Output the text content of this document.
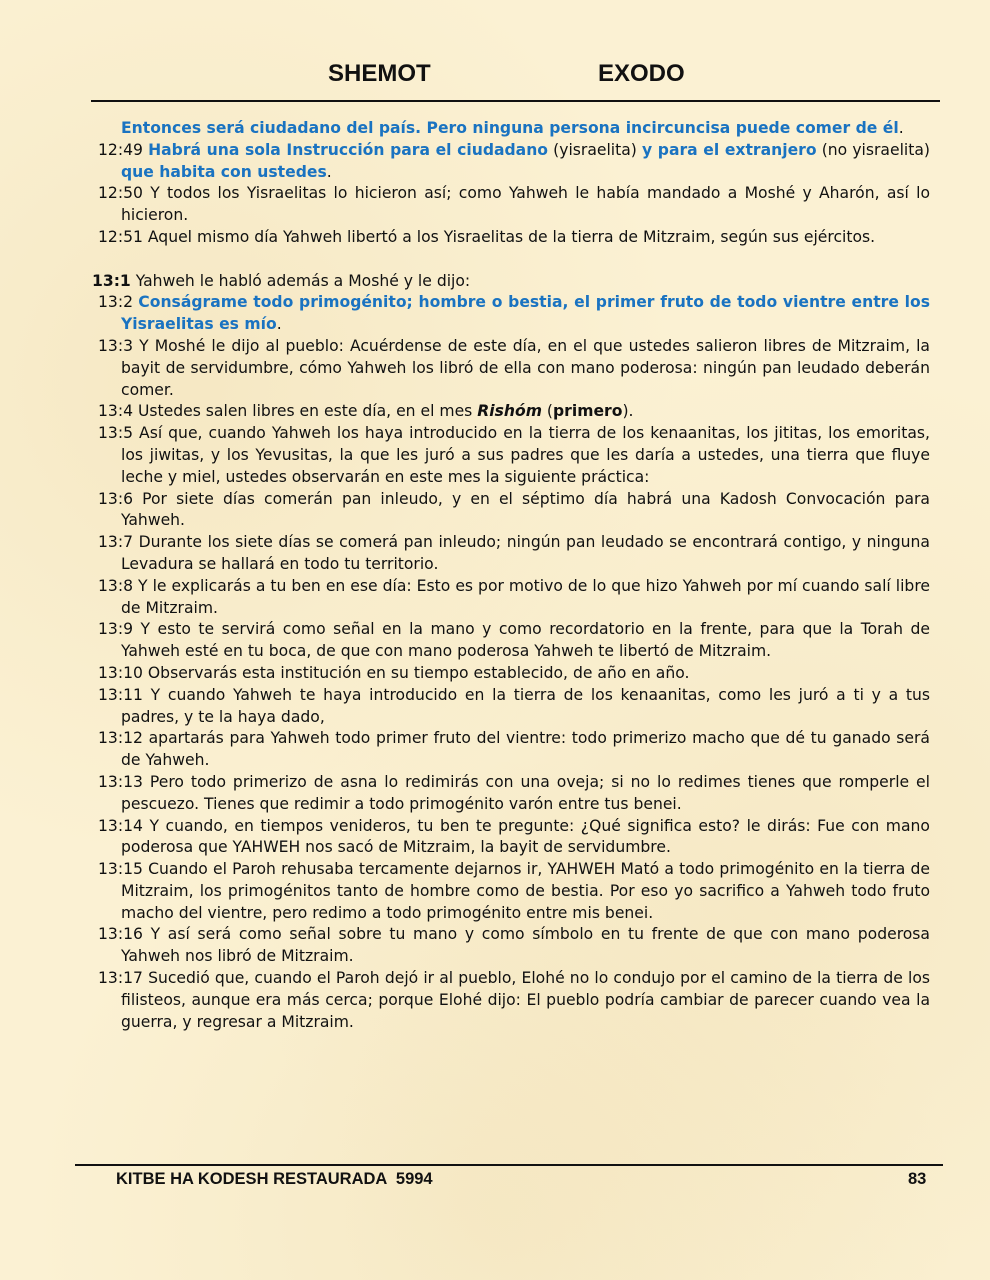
SHEMOT	EXODO

Entonces será ciudadano del país. Pero ninguna persona incircuncisa puede comer de él.

12:49 Habrá una sola Instrucción para el ciudadano (yisraelita) y para el extranjero (no yisraelita) que habita con ustedes.

12:50 Y todos los Yisraelitas lo hicieron así; como Yahweh le había mandado a Moshé y Aharón, así lo hicieron.

12:51 Aquel mismo día Yahweh libertó a los Yisraelitas de la tierra de Mitzraim, según sus ejércitos.

13:1 Yahweh le habló además a Moshé y le dijo:

13:2 Conságrame todo primogénito; hombre o bestia, el primer fruto de todo vientre entre los Yisraelitas es mío.

13:3 Y Moshé le dijo al pueblo: Acuérdense de este día, en el que ustedes salieron libres de Mitzraim, la bayit de servidumbre, cómo Yahweh los libró de ella con mano poderosa: ningún pan leudado deberán comer.

13:4 Ustedes salen libres en este día, en el mes Rishóm (primero).

13:5 Así que, cuando Yahweh los haya introducido en la tierra de los kenaanitas, los jititas, los emoritas, los jiwitas, y los Yevusitas, la que les juró a sus padres que les daría a ustedes, una tierra que fluye leche y miel, ustedes observarán en este mes la siguiente práctica:

13:6 Por siete días comerán pan inleudo, y en el séptimo día habrá una Kadosh Convocación para Yahweh.

13:7 Durante los siete días se comerá pan inleudo; ningún pan leudado se encontrará contigo, y ninguna Levadura se hallará en todo tu territorio.

13:8 Y le explicarás a tu ben en ese día: Esto es por motivo de lo que hizo Yahweh por mí cuando salí libre de Mitzraim.

13:9 Y esto te servirá como señal en la mano y como recordatorio en la frente, para que la Torah de Yahweh esté en tu boca, de que con mano poderosa Yahweh te libertó de Mitzraim.

13:10 Observarás esta institución en su tiempo establecido, de año en año.

13:11 Y cuando Yahweh te haya introducido en la tierra de los kenaanitas, como les juró a ti y a tus padres, y te la haya dado,

13:12 apartarás para Yahweh todo primer fruto del vientre: todo primerizo macho que dé tu ganado será de Yahweh.

13:13 Pero todo primerizo de asna lo redimirás con una oveja; si no lo redimes tienes que romperle el pescuezo. Tienes que redimir a todo primogénito varón entre tus benei.

13:14 Y cuando, en tiempos venideros, tu ben te pregunte: ¿Qué significa esto? le dirás: Fue con mano poderosa que YAHWEH nos sacó de Mitzraim, la bayit de servidumbre.

13:15 Cuando el Paroh rehusaba tercamente dejarnos ir, YAHWEH Mató a todo primogénito en la tierra de Mitzraim, los primogénitos tanto de hombre como de bestia. Por eso yo sacrifico a Yahweh todo fruto macho del vientre, pero redimo a todo primogénito entre mis benei.

13:16 Y así será como señal sobre tu mano y como símbolo en tu frente de que con mano poderosa Yahweh nos libró de Mitzraim.

13:17 Sucedió que, cuando el Paroh dejó ir al pueblo, Elohé no lo condujo por el camino de la tierra de los filisteos, aunque era más cerca; porque Elohé dijo: El pueblo podría cambiar de parecer cuando vea la guerra, y regresar a Mitzraim.

KITBE HA KODESH RESTAURADA  5994	83
